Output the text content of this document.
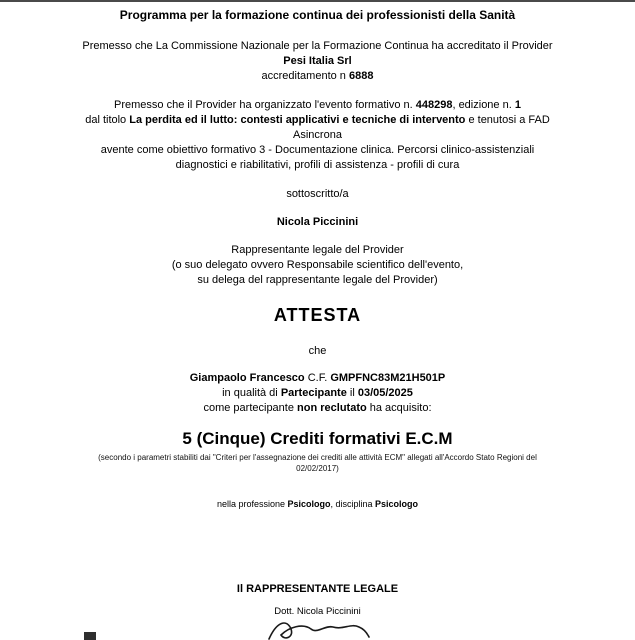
Programma per la formazione continua dei professionisti della Sanità

Premesso che La Commissione Nazionale per la Formazione Continua ha accreditato il Provider
Pesi Italia Srl
accreditamento n 6888

Premesso che il Provider ha organizzato l'evento formativo n. 448298, edizione n. 1
dal titolo La perdita ed il lutto: contesti applicativi e tecniche di intervento e tenutosi a FAD
Asincrona
avente come obiettivo formativo 3 - Documentazione clinica. Percorsi clinico-assistenziali
diagnostici e riabilitativi, profili di assistenza - profili di cura

sottoscritto/a

Nicola Piccinini

Rappresentante legale del Provider
(o suo delegato ovvero Responsabile scientifico dell'evento,
su delega del rappresentante legale del Provider)

ATTESTA

che

Giampaolo Francesco C.F. GMPFNC83M21H501P
in qualità di Partecipante il 03/05/2025
come partecipante non reclutato ha acquisito:

5 (Cinque) Crediti formativi E.C.M

(secondo i parametri stabiliti dai "Criteri per l'assegnazione dei crediti alle attività ECM" allegati all'Accordo Stato Regioni del
02/02/2017)

nella professione Psicologo, disciplina Psicologo

Il RAPPRESENTANTE LEGALE

Dott. Nicola Piccinini
